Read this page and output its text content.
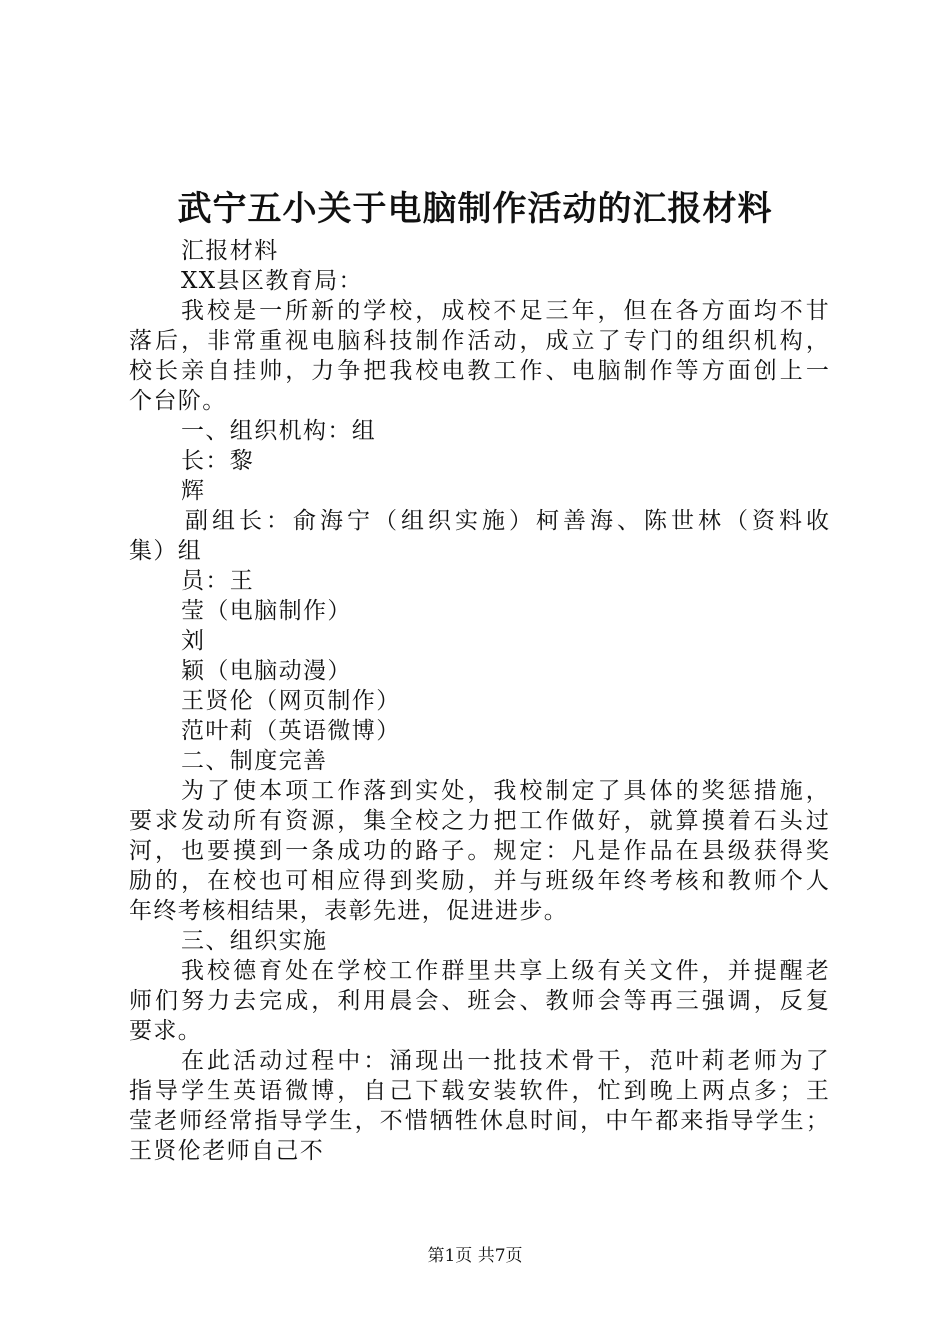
武宁五小关于电脑制作活动的汇报材料
汇报材料
XX县区教育局：
我 校 是 一 所 新 的 学 校 ， 成 校 不 足 三 年 ， 但 在 各 方 面 均 不 甘
落 后 ， 非 常 重 视 电 脑 科 技 制 作 活 动 ， 成 立 了 专 门 的 组 织 机 构 ，
校 长 亲 自 挂 帅 ， 力 争 把 我 校 电 教 工 作 、 电 脑 制 作 等 方 面 创 上 一
个台阶。
一、组织机构：组
长：黎
辉
副 组 长 ： 俞 海 宁 （ 组 织 实 施 ） 柯 善 海 、 陈 世 林 （ 资 料 收
集）组
员：王
莹（电脑制作）
刘
颖（电脑动漫）
王贤伦（网页制作）
范叶莉（英语微博）
二、制度完善
为 了 使 本 项 工 作 落 到 实 处 ， 我 校 制 定 了 具 体 的 奖 惩 措 施 ，
要 求 发 动 所 有 资 源 ， 集 全 校 之 力 把 工 作 做 好 ， 就 算 摸 着 石 头 过
河 ， 也 要 摸 到 一 条 成 功 的 路 子 。 规 定 ： 凡 是 作 品 在 县 级 获 得 奖
励 的 ， 在 校 也 可 相 应 得 到 奖 励 ， 并 与 班 级 年 终 考 核 和 教 师 个 人
年终考核相结果，表彰先进，促进进步。
三、组织实施
我 校 德 育 处 在 学 校 工 作 群 里 共 享 上 级 有 关 文 件 ， 并 提 醒 老
师 们 努 力 去 完 成 ， 利 用 晨 会 、 班 会 、 教 师 会 等 再 三 强 调 ， 反 复
要求。
在 此 活 动 过 程 中 ： 涌 现 出 一 批 技 术 骨 干 ， 范 叶 莉 老 师 为 了
指 导 学 生 英 语 微 博 ， 自 己 下 载 安 装 软 件 ， 忙 到 晚 上 两 点 多 ； 王
莹 老 师 经 常 指 导 学 生 ， 不 惜 牺 牲 休 息 时 间 ， 中 午 都 来 指 导 学 生 ；
王贤伦老师自己不
第1页 共7页
